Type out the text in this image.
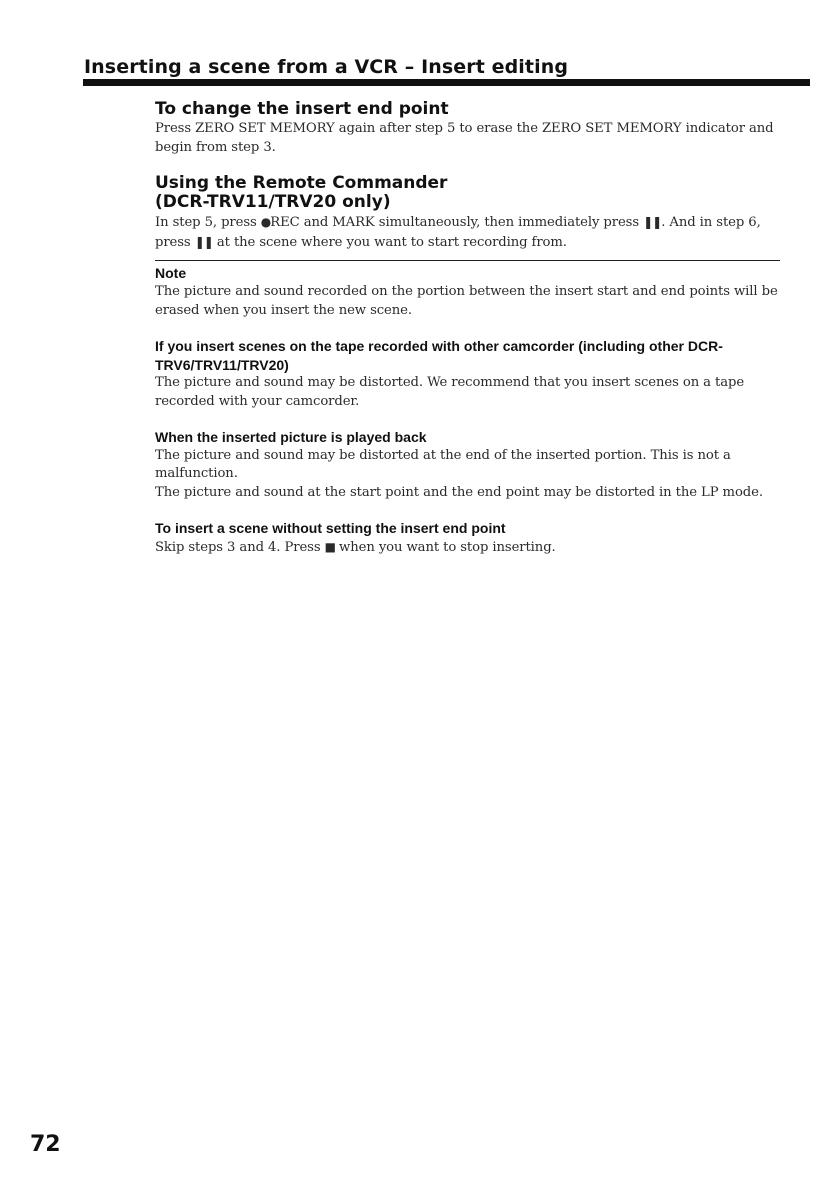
Inserting a scene from a VCR – Insert editing
To change the insert end point

Press ZERO SET MEMORY again after step 5 to erase the ZERO SET MEMORY indicator and begin from step 3.

Using the Remote Commander
(DCR-TRV11/TRV20 only)

In step 5, press ●REC and MARK simultaneously, then immediately press ❚❚. And in step 6, press ❚❚ at the scene where you want to start recording from.

Note

The picture and sound recorded on the portion between the insert start and end points will be erased when you insert the new scene.

If you insert scenes on the tape recorded with other camcorder (including other DCR-TRV6/TRV11/TRV20)

The picture and sound may be distorted. We recommend that you insert scenes on a tape recorded with your camcorder.

When the inserted picture is played back

The picture and sound may be distorted at the end of the inserted portion. This is not a malfunction.

The picture and sound at the start point and the end point may be distorted in the LP mode.

To insert a scene without setting the insert end point

Skip steps 3 and 4. Press ■ when you want to stop inserting.

72
